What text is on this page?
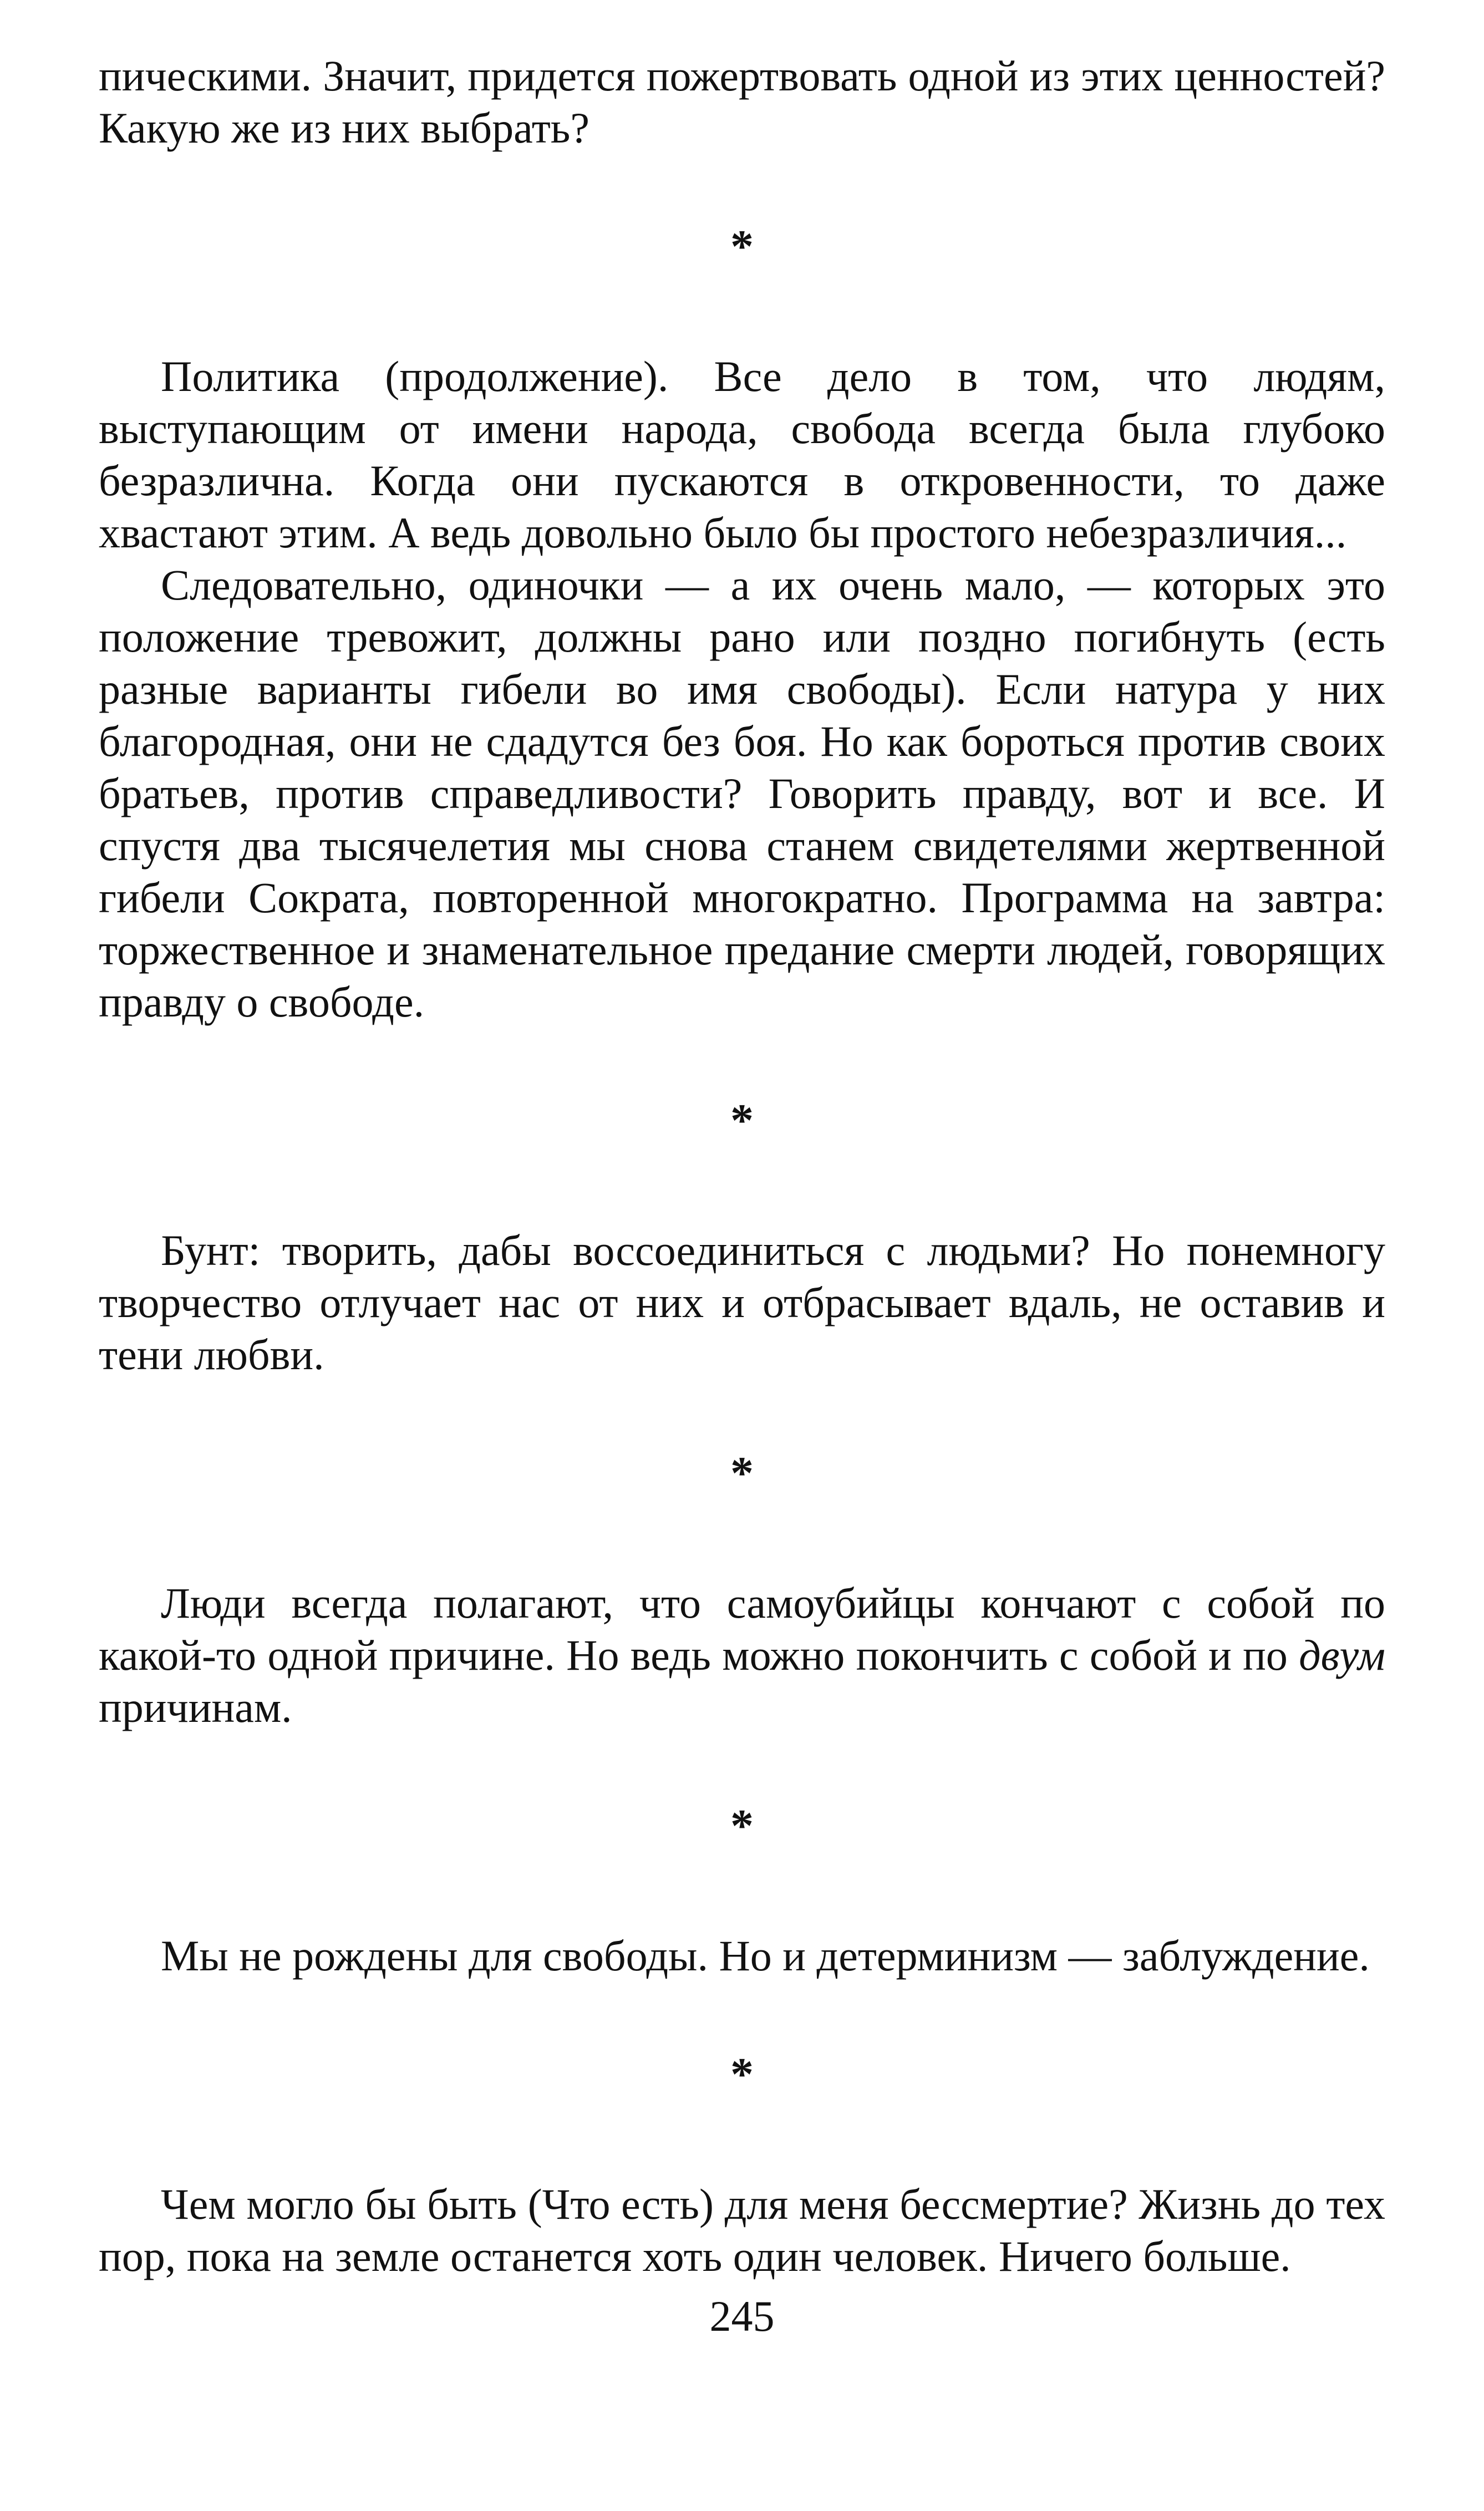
пическими. Значит, придется пожертвовать одной из этих ценностей? Какую же из них выбрать?

*

Политика (продолжение). Все дело в том, что людям, выступающим от имени народа, свобода всегда была глубоко безразлична. Когда они пускаются в откровенности, то даже хвастают этим. А ведь довольно было бы простого небезразличия...

Следовательно, одиночки — а их очень мало, — которых это положение тревожит, должны рано или поздно погибнуть (есть разные варианты гибели во имя свободы). Если натура у них благородная, они не сдадутся без боя. Но как бороться против своих братьев, против справедливости? Говорить правду, вот и все. И спустя два тысячелетия мы снова станем свидетелями жертвенной гибели Сократа, повторенной многократно. Программа на завтра: торжественное и знаменательное предание смерти людей, говорящих правду о свободе.

*

Бунт: творить, дабы воссоединиться с людьми? Но понемногу творчество отлучает нас от них и отбрасывает вдаль, не оставив и тени любви.

*

Люди всегда полагают, что самоубийцы кончают с собой по какой-то одной причине. Но ведь можно покончить с собой и по двум причинам.

*

Мы не рождены для свободы. Но и детерминизм — заблуждение.

*

Чем могло бы быть (Что есть) для меня бессмертие? Жизнь до тех пор, пока на земле останется хоть один человек. Ничего больше.

245
